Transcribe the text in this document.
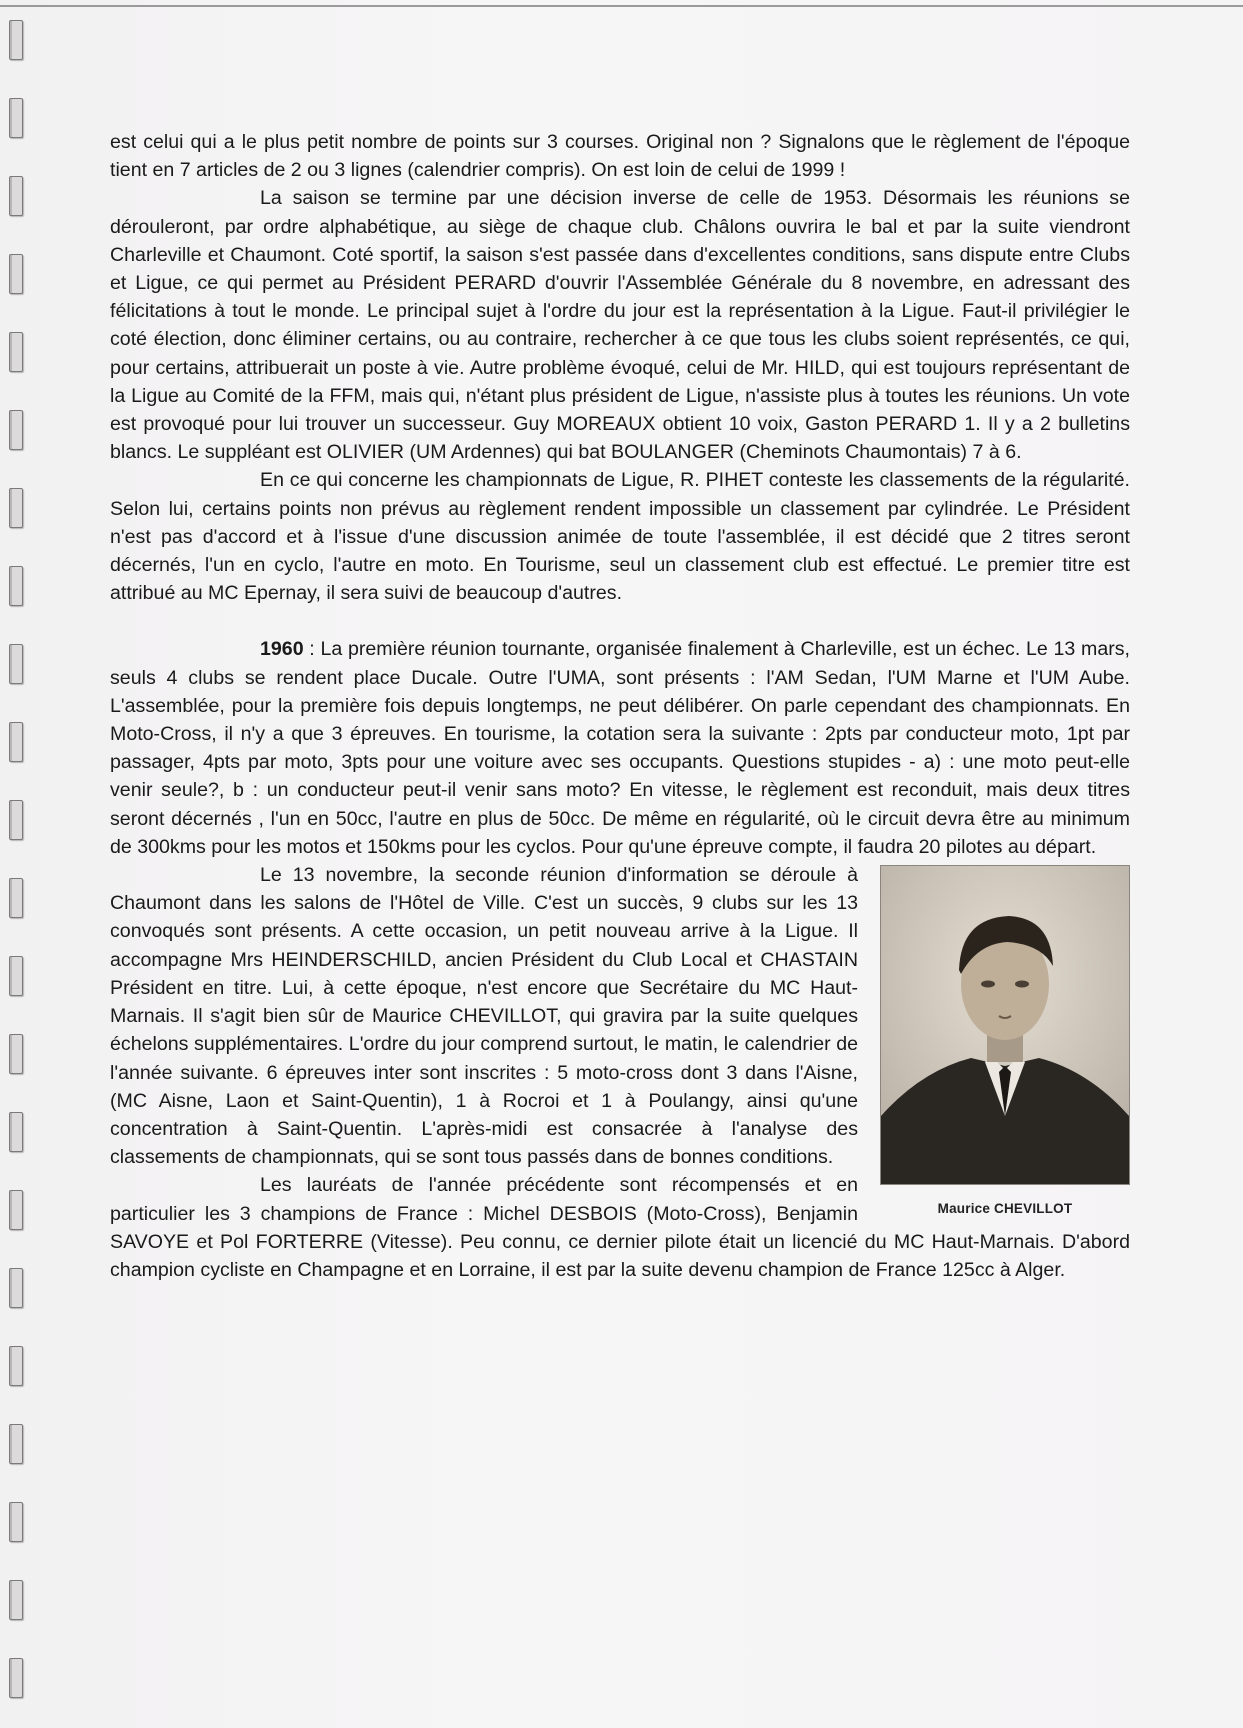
est celui qui a le plus petit nombre de points sur 3 courses. Original non ? Signalons que le règlement de l'époque tient en 7 articles de 2 ou 3 lignes (calendrier compris). On est loin de celui de 1999 !

La saison se termine par une décision inverse de celle de 1953. Désormais les réunions se dérouleront, par ordre alphabétique, au siège de chaque club. Châlons ouvrira le bal et par la suite viendront Charleville et Chaumont. Coté sportif, la saison s'est passée dans d'excellentes conditions, sans dispute entre Clubs et Ligue, ce qui permet au Président PERARD d'ouvrir l'Assemblée Générale du 8 novembre, en adressant des félicitations à tout le monde. Le principal sujet à l'ordre du jour est la représentation à la Ligue. Faut-il privilégier le coté élection, donc éliminer certains, ou au contraire, rechercher à ce que tous les clubs soient représentés, ce qui, pour certains, attribuerait un poste à vie. Autre problème évoqué, celui de Mr. HILD, qui est toujours représentant de la Ligue au Comité de la FFM, mais qui, n'étant plus président de Ligue, n'assiste plus à toutes les réunions. Un vote est provoqué pour lui trouver un successeur. Guy MOREAUX obtient 10 voix, Gaston PERARD 1. Il y a 2 bulletins blancs. Le suppléant est OLIVIER (UM Ardennes) qui bat BOULANGER (Cheminots Chaumontais) 7 à 6.

En ce qui concerne les championnats de Ligue, R. PIHET conteste les classements de la régularité. Selon lui, certains points non prévus au règlement rendent impossible un classement par cylindrée. Le Président n'est pas d'accord et à l'issue d'une discussion animée de toute l'assemblée, il est décidé que 2 titres seront décernés, l'un en cyclo, l'autre en moto. En Tourisme, seul un classement club est effectué. Le premier titre est attribué au MC Epernay, il sera suivi de beaucoup d'autres.

1960 : La première réunion tournante, organisée finalement à Charleville, est un échec. Le 13 mars, seuls 4 clubs se rendent place Ducale. Outre l'UMA, sont présents : l'AM Sedan, l'UM Marne et l'UM Aube. L'assemblée, pour la première fois depuis longtemps, ne peut délibérer. On parle cependant des championnats. En Moto-Cross, il n'y a que 3 épreuves. En tourisme, la cotation sera la suivante : 2pts par conducteur moto, 1pt par passager, 4pts par moto, 3pts pour une voiture avec ses occupants. Questions stupides - a) : une moto peut-elle venir seule?, b : un conducteur peut-il venir sans moto? En vitesse, le règlement est reconduit, mais deux titres seront décernés , l'un en 50cc, l'autre en plus de 50cc. De même en régularité, où le circuit devra être au minimum de 300kms pour les motos et 150kms pour les cyclos. Pour qu'une épreuve compte, il faudra 20 pilotes au départ.

Maurice CHEVILLOT

Le 13 novembre, la seconde réunion d'information se déroule à Chaumont dans les salons de l'Hôtel de Ville. C'est un succès, 9 clubs sur les 13 convoqués sont présents. A cette occasion, un petit nouveau arrive à la Ligue. Il accompagne Mrs HEINDERSCHILD, ancien Président du Club Local et CHASTAIN Président en titre. Lui, à cette époque, n'est encore que Secrétaire du MC Haut-Marnais. Il s'agit bien sûr de Maurice CHEVILLOT, qui gravira par la suite quelques échelons supplémentaires. L'ordre du jour comprend surtout, le matin, le calendrier de l'année suivante. 6 épreuves inter sont inscrites : 5 moto-cross dont 3 dans l'Aisne, (MC Aisne, Laon et Saint-Quentin), 1 à Rocroi et 1 à Poulangy, ainsi qu'une concentration à Saint-Quentin. L'après-midi est consacrée à l'analyse des classements de championnats, qui se sont tous passés dans de bonnes conditions.

Les lauréats de l'année précédente sont récompensés et en particulier les 3 champions de France : Michel DESBOIS (Moto-Cross), Benjamin SAVOYE et Pol FORTERRE (Vitesse). Peu connu, ce dernier pilote était un licencié du MC Haut-Marnais. D'abord champion cycliste en Champagne et en Lorraine, il est par la suite devenu champion de France 125cc à Alger.
